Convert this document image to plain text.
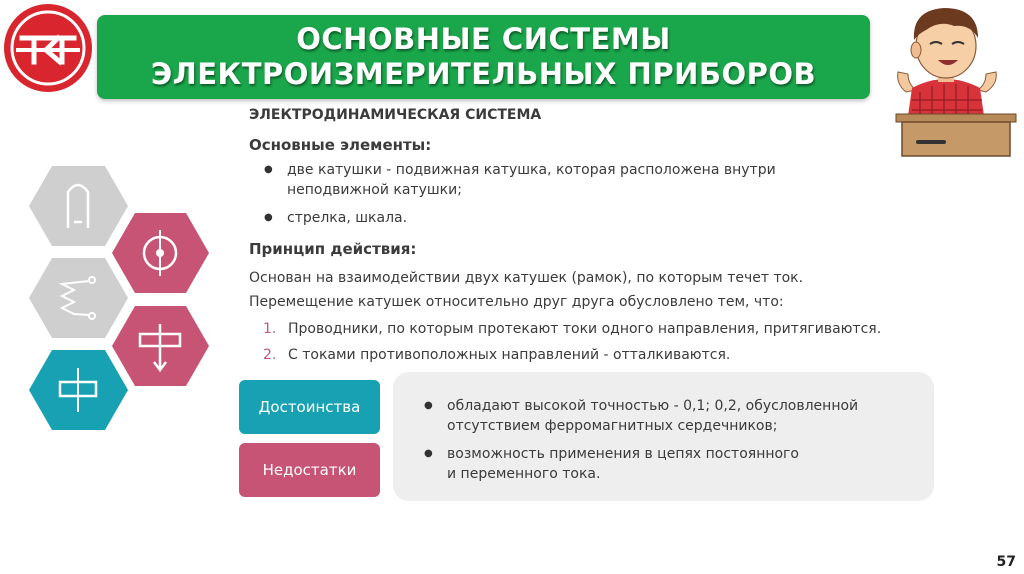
ОСНОВНЫЕ СИСТЕМЫ
ЭЛЕКТРОИЗМЕРИТЕЛЬНЫХ ПРИБОРОВ
ЭЛЕКТРОДИНАМИЧЕСКАЯ СИСТЕМА
Основные элементы:
● две катушки - подвижная катушка, которая расположена внутри
неподвижной катушки;
● стрелка, шкала.
Принцип действия:
Основан на взаимодействии двух катушек (рамок), по которым течет ток.
Перемещение катушек относительно друг друга обусловлено тем, что:
1. Проводники, по которым протекают токи одного направления, притягиваются.
2. С токами противоположных направлений - отталкиваются.
Достоинства
Недостатки
● обладают высокой точностью - 0,1; 0,2, обусловленной
отсутствием ферромагнитных сердечников;
● возможность применения в цепях постоянного
и переменного тока.
57
